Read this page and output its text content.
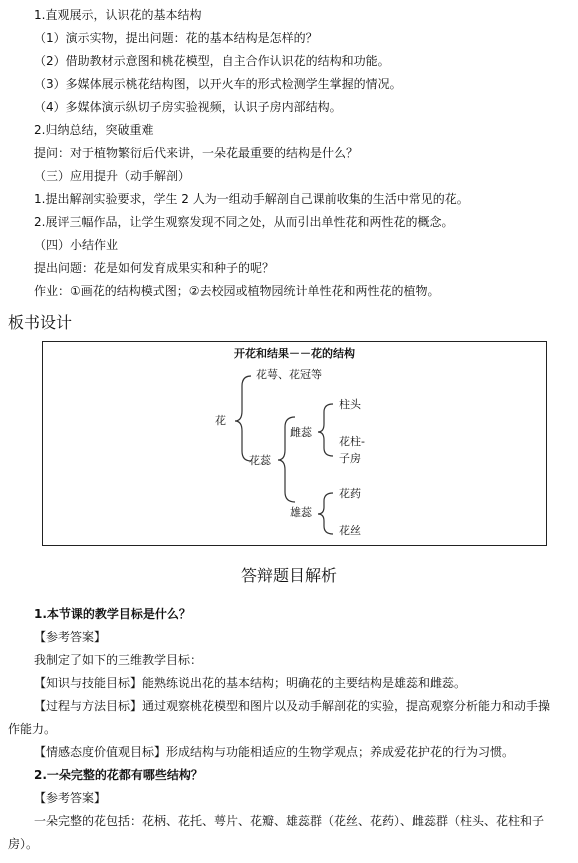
1.直观展示，认识花的基本结构
（1）演示实物，提出问题：花的基本结构是怎样的？
（2）借助教材示意图和桃花模型，自主合作认识花的结构和功能。
（3）多媒体展示桃花结构图，以开火车的形式检测学生掌握的情况。
（4）多媒体演示纵切子房实验视频，认识子房内部结构。
2.归纳总结，突破重难
提问：对于植物繁衍后代来讲，一朵花最重要的结构是什么？
（三）应用提升（动手解剖）
1.提出解剖实验要求，学生 2 人为一组动手解剖自己课前收集的生活中常见的花。
2.展评三幅作品，让学生观察发现不同之处，从而引出单性花和两性花的概念。
（四）小结作业
提出问题：花是如何发育成果实和种子的呢？
作业：①画花的结构模式图；②去校园或植物园统计单性花和两性花的植物。
板书设计
开花和结果－－花的结构
花
花萼、花冠等
花蕊
雌蕊
柱头
花柱-
子房
雄蕊
花药
花丝
答辩题目解析
1.本节课的教学目标是什么？
【参考答案】
我制定了如下的三维教学目标：
【知识与技能目标】能熟练说出花的基本结构；明确花的主要结构是雄蕊和雌蕊。
【过程与方法目标】通过观察桃花模型和图片以及动手解剖花的实验，提高观察分析能力和动手操
作能力。
【情感态度价值观目标】形成结构与功能相适应的生物学观点；养成爱花护花的行为习惯。
2.一朵完整的花都有哪些结构？
【参考答案】
一朵完整的花包括：花柄、花托、萼片、花瓣、雄蕊群（花丝、花药）、雌蕊群（柱头、花柱和子
房）。
